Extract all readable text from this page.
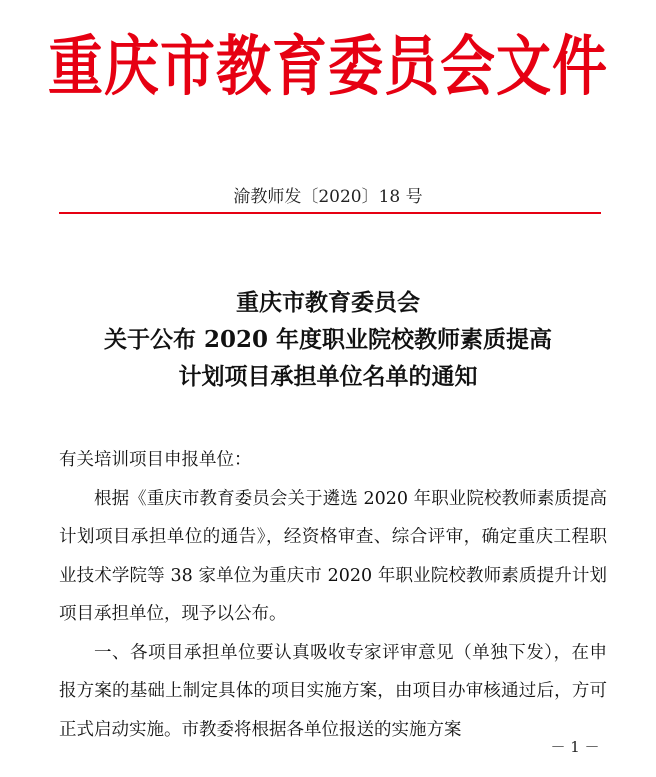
重庆市教育委员会文件
渝教师发〔2020〕18 号
重庆市教育委员会
关于公布 2020 年度职业院校教师素质提高
计划项目承担单位名单的通知

有关培训项目申报单位：

根据《重庆市教育委员会关于遴选 2020 年职业院校教师素质提高计划项目承担单位的通告》，经资格审查、综合评审，确定重庆工程职业技术学院等 38 家单位为重庆市 2020 年职业院校教师素质提升计划项目承担单位，现予以公布。

一、各项目承担单位要认真吸收专家评审意见（单独下发），在申报方案的基础上制定具体的项目实施方案，由项目办审核通过后，方可正式启动实施。市教委将根据各单位报送的实施方案

－ 1 －
